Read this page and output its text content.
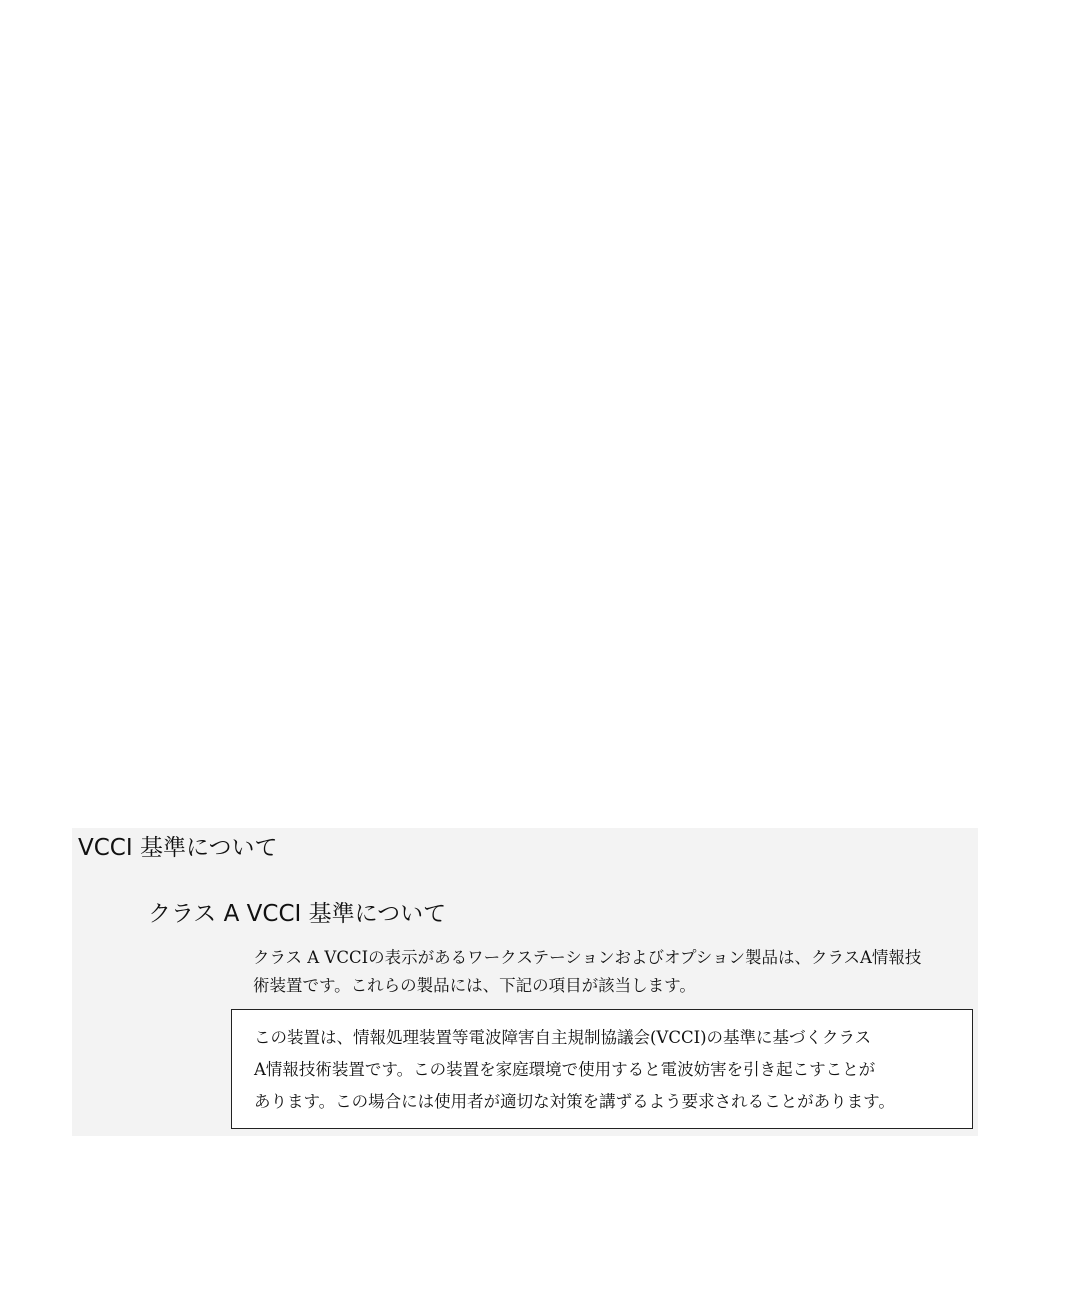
VCCI 基準について
クラス A VCCI 基準について
クラス A VCCIの表示があるワークステーションおよびオプション製品は、クラスA情報技
術装置です。これらの製品には、下記の項目が該当します。
この装置は、情報処理装置等電波障害自主規制協議会(VCCI)の基準に基づくクラス
A情報技術装置です。この装置を家庭環境で使用すると電波妨害を引き起こすことが
あります。この場合には使用者が適切な対策を講ずるよう要求されることがあります。
